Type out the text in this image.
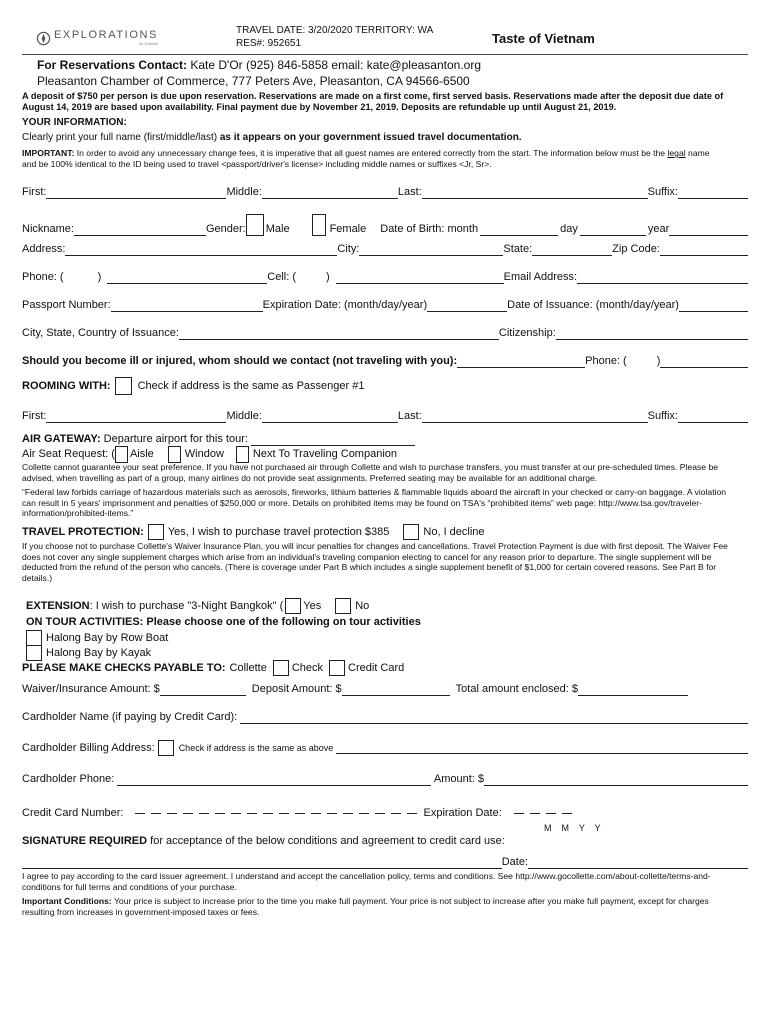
EXPLORATIONS
by Collette
TRAVEL DATE: 3/20/2020 TERRITORY: WA
RES#: 952651	Taste of Vietnam
For Reservations Contact: Kate D'Or (925) 846-5858 email: kate@pleasanton.org
Pleasanton Chamber of Commerce, 777 Peters Ave, Pleasanton, CA 94566-6500
A deposit of $750 per person is due upon reservation. Reservations are made on a first come, first served basis. Reservations made after the deposit due date of August 14, 2019 are based upon availability. Final payment due by November 21, 2019. Deposits are refundable up until August 21, 2019.
YOUR INFORMATION:
Clearly print your full name (first/middle/last) as it appears on your government issued travel documentation.
IMPORTANT: In order to avoid any unnecessary change fees, it is imperative that all guest names are entered correctly from the start. The information below must be the legal name and be 100% identical to the ID being used to travel <passport/driver's license> including middle names or suffixes <Jr, Sr>.
First:	Middle:	Last:	Suffix:
Nickname:	Gender: Male	Female Date of Birth: month	day	year
Address:	City:	State:	Zip Code:
Phone: (	)	Cell: (	)	Email Address:
Passport Number:	Expiration Date: (month/day/year)	Date of Issuance: (month/day/year)
City, State, Country of Issuance:	Citizenship:
Should you become ill or injured, whom should we contact (not traveling with you):	Phone: (	)
ROOMING WITH: Check if address is the same as Passenger #1
First:	Middle:	Last:	Suffix:
AIR GATEWAY: Departure airport for this tour:
Air Seat Request: ( Aisle	Window	Next To Traveling Companion
Collette cannot guarantee your seat preference. If you have not purchased air through Collette and wish to purchase transfers, you must transfer at our pre-scheduled times. Please be advised, when travelling as part of a group, many airlines do not provide seat assignments. Preferred seating may be available for an additional charge.
“Federal law forbids carriage of hazardous materials such as aerosols, fireworks, lithium batteries & flammable liquids aboard the aircraft in your checked or carry-on baggage. A violation can result in 5 years' imprisonment and penalties of $250,000 or more. Details on prohibited items may be found on TSA's “prohibited items” web page: http://www.tsa.gov/traveler-information/prohibited-items.”
TRAVEL PROTECTION: Yes, I wish to purchase travel protection $385	No, I decline
If you choose not to purchase Collette's Waiver Insurance Plan, you will incur penalties for changes and cancellations. Travel Protection Payment is due with first deposit. The Waiver Fee does not cover any single supplement charges which arise from an individual's traveling companion electing to cancel for any reason prior to departure. The single supplement will be deducted from the refund of the person who cancels. (There is coverage under Part B which includes a single supplement benefit of $1,000 for certain covered reasons. See Part B for details.)
EXTENSION : I wish to purchase "3-Night Bangkok" ( Yes	No
ON TOUR ACTIVITIES: Please choose one of the following on tour activities
Halong Bay by Row Boat
Halong Bay by Kayak
PLEASE MAKE CHECKS PAYABLE TO: Collette Check Credit Card
Waiver/Insurance Amount: $	Deposit Amount: $	Total amount enclosed: $
Cardholder Name (if paying by Credit Card):
Cardholder Billing Address:	Check if address is the same as above
Cardholder Phone:	Amount: $
Credit Card Number:	Expiration Date:
M    M    Y    Y
SIGNATURE REQUIRED for acceptance of the below conditions and agreement to credit card use:
Date:
I agree to pay according to the card issuer agreement. I understand and accept the cancellation policy, terms and conditions. See http://www.gocollette.com/about-collette/terms-and-conditions for full terms and conditions of your purchase.
Important Conditions: Your price is subject to increase prior to the time you make full payment. Your price is not subject to increase after you make full payment, except for charges resulting from increases in government-imposed taxes or fees.
